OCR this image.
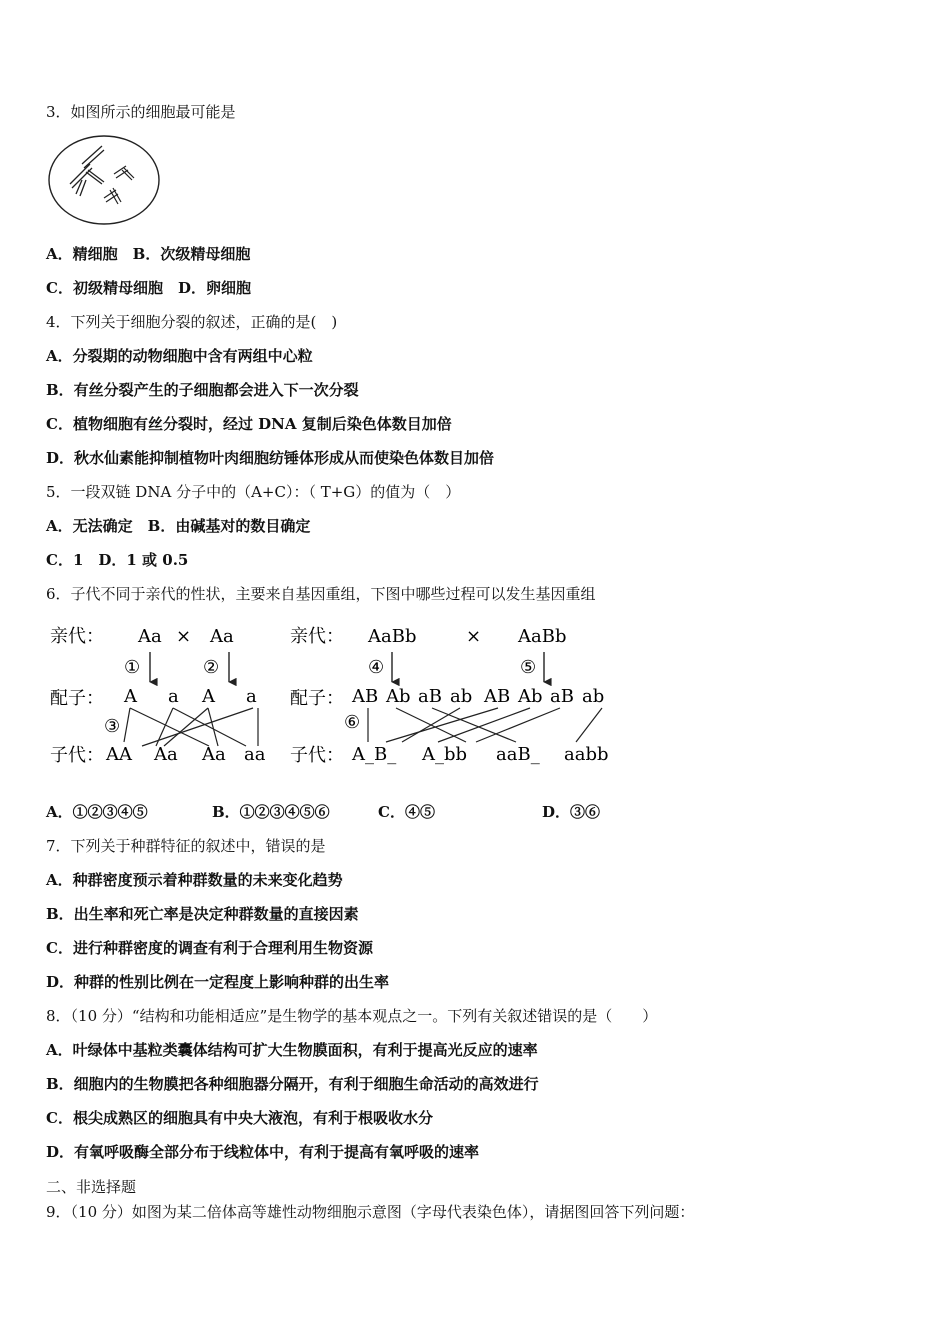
3．如图所示的细胞最可能是
A．精细胞　B．次级精母细胞
C．初级精母细胞　D．卵细胞
4．下列关于细胞分裂的叙述，正确的是(　)
A．分裂期的动物细胞中含有两组中心粒
B．有丝分裂产生的子细胞都会进入下一次分裂
C．植物细胞有丝分裂时，经过 DNA 复制后染色体数目加倍
D．秋水仙素能抑制植物叶肉细胞纺锤体形成从而使染色体数目加倍
5．一段双链 DNA 分子中的（A+C）：（ T+G）的值为（　）
A．无法确定　B．由碱基对的数目确定
C．1　D．1 或 0.5
6．子代不同于亲代的性状，主要来自基因重组，下图中哪些过程可以发生基因重组
亲代： Aa × Aa
①	②
配子： A a A a
③
子代： AA Aa Aa aa
亲代： AaBb	× AaBb
④	⑤
配子： AB Ab aB ab AB Ab aB ab
⑥
子代： A_B_ A_bb aaB_ aabb
A．①②③④⑤	B．①②③④⑤⑥	C．④⑤	D．③⑥
7．下列关于种群特征的叙述中，错误的是
A．种群密度预示着种群数量的未来变化趋势
B．出生率和死亡率是决定种群数量的直接因素
C．进行种群密度的调查有利于合理利用生物资源
D．种群的性别比例在一定程度上影响种群的出生率
8．（10 分）“结构和功能相适应”是生物学的基本观点之一。下列有关叙述错误的是（　　）
A．叶绿体中基粒类囊体结构可扩大生物膜面积，有利于提高光反应的速率
B．细胞内的生物膜把各种细胞器分隔开，有利于细胞生命活动的高效进行
C．根尖成熟区的细胞具有中央大液泡，有利于根吸收水分
D．有氧呼吸酶全部分布于线粒体中，有利于提高有氧呼吸的速率
二、非选择题
9．（10 分）如图为某二倍体高等雄性动物细胞示意图（字母代表染色体），请据图回答下列问题：
